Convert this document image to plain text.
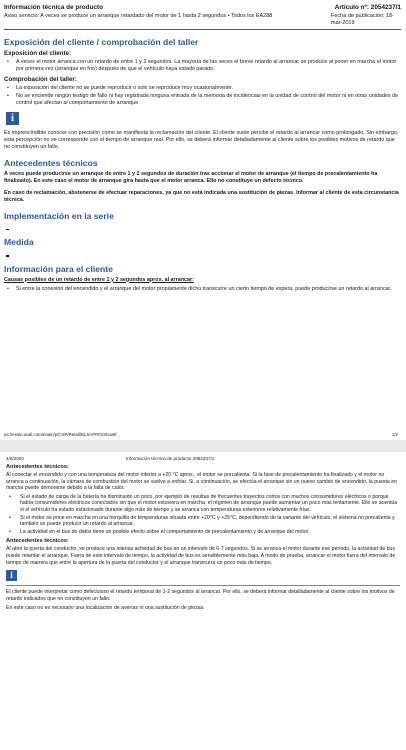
Información técnica de producto	Artículo nº: 2054237/1
Aviso servicio: A veces se produce un arranque retardado del motor de 1 hasta 2 segundos • Todos los EA288	Fecha de publicación: 18-mar-2019
Exposición del cliente / comprobación del taller
Exposición del cliente:
• A veces el motor arranca con un retardo de entre 1 y 2 segundos. La mayoría de las veces el breve retardo al arrancar se produce al poner en marcha el motor por primera vez (arranque en frío) después de que el vehículo haya estado parado.
Comprobación del taller:
• La exposición del cliente no se puede reproducir o solo se reproduce muy ocasionalmente.
• No se enciende ningún testigo de fallo ni hay registrada ninguna entrada de la memoria de incidencias en la unidad de control del motor ni en otras unidades de control que afectan al comportamiento de arranque.
i

Es imprescindible conocer con precisión cómo se manifiesta la reclamación del cliente. El cliente suele percibir el retardo al arrancar como prolongado. Sin embargo, esta percepción no se corresponde con el tiempo de arranque real. Por ello, se deberá informar detalladamente al cliente sobre los posibles motivos de retardo que no constituyen un fallo.

Antecedentes técnicos

A veces puede producirse un arranque de entre 1 y 2 segundos de duración tras accionar el motor de arranque (el tiempo de precalentamiento ha finalizado). En este caso el motor de arranque gira hasta que el motor arranca. Ello no constituye un defecto técnico.

En caso de reclamación, abstenerse de efectuar reparaciones, ya que no está indicada una sustitución de piezas. Informar al cliente de esta circunstancia técnica.

Implementación en la serie
Medida
Información para el cliente
Causas posibles de un retardo de entre 1 y 2 segundos aprox. al arrancar:
• Si entre la conexión del encendido y el arranque del motor propiamente dicho transcurre un cierto tiempo de espera, puede producirse un retardo al arrancar.
ps://erwin.audi.com/erwin/p/CSP/Retail/ELSAPRO/ShowIf	1/2
4/6/2020	Información técnica de producto 2054237/1
Antecedentes técnicos:

Al conectar el encendido y con una temperatura del motor inferior a +20 °C aprox., el motor se precalienta. Si la fase de precalentamiento ha finalizado y el motor no arranca a continuación, la cámara de combustión del motor se vuelve a enfriar. Si, a continuación, se efectúa el arranque sin un nuevo cambio de encendido, la puesta en marcha puede demorarse debido a la falta de calor.

• Si el estado de carga de la batería ha disminuido un poco, por ejemplo de resultas de frecuentes trayectos cortos con muchos consumidores eléctricos o porque había consumidores eléctricos conectados sin que el motor estuviera en marcha, el régimen de arranque puede aumentar un poco más lentamente. Ello se acentúa si el vehículo ha estado estacionado durante algo más de tiempo y se arranca con temperaturas exteriores relativamente frías.
• Si el motor se pone en marcha en una horquilla de temperaturas situada entre +20°C y +25°C, dependiendo de la variante del vehículo, el sistema no precalienta y también se puede producir un retardo al arrancar.
• La actividad en el bus de datos tiene un posible efecto sobre el comportamiento de precalentamiento y de arranque del motor.
Antecedentes técnicos:

Al abrir la puerta del conductor, se produce una intensa actividad de bus en un intervalo de 6-7 segundos. Si se arranca el motor durante ese período, la actividad de bus puede retardar el arranque. Fuera de este intervalo de tiempo, la actividad de bus es sensiblemente más baja. A modo de prueba, arrancar el motor fuera del intervalo de tiempo de manera que entre la apertura de la puerta del conductor y el arranque transcurra un poco más de tiempo.

i

El cliente puede interpretar como defectuoso el retardo temporal de 1-2 segundos al arrancar. Por ello, se deberá informar detalladamente al cliente sobre los motivos de retardo indicados que no constituyen un fallo.

En este caso no es necesario una localización de averías ni una sustitución de piezas.
